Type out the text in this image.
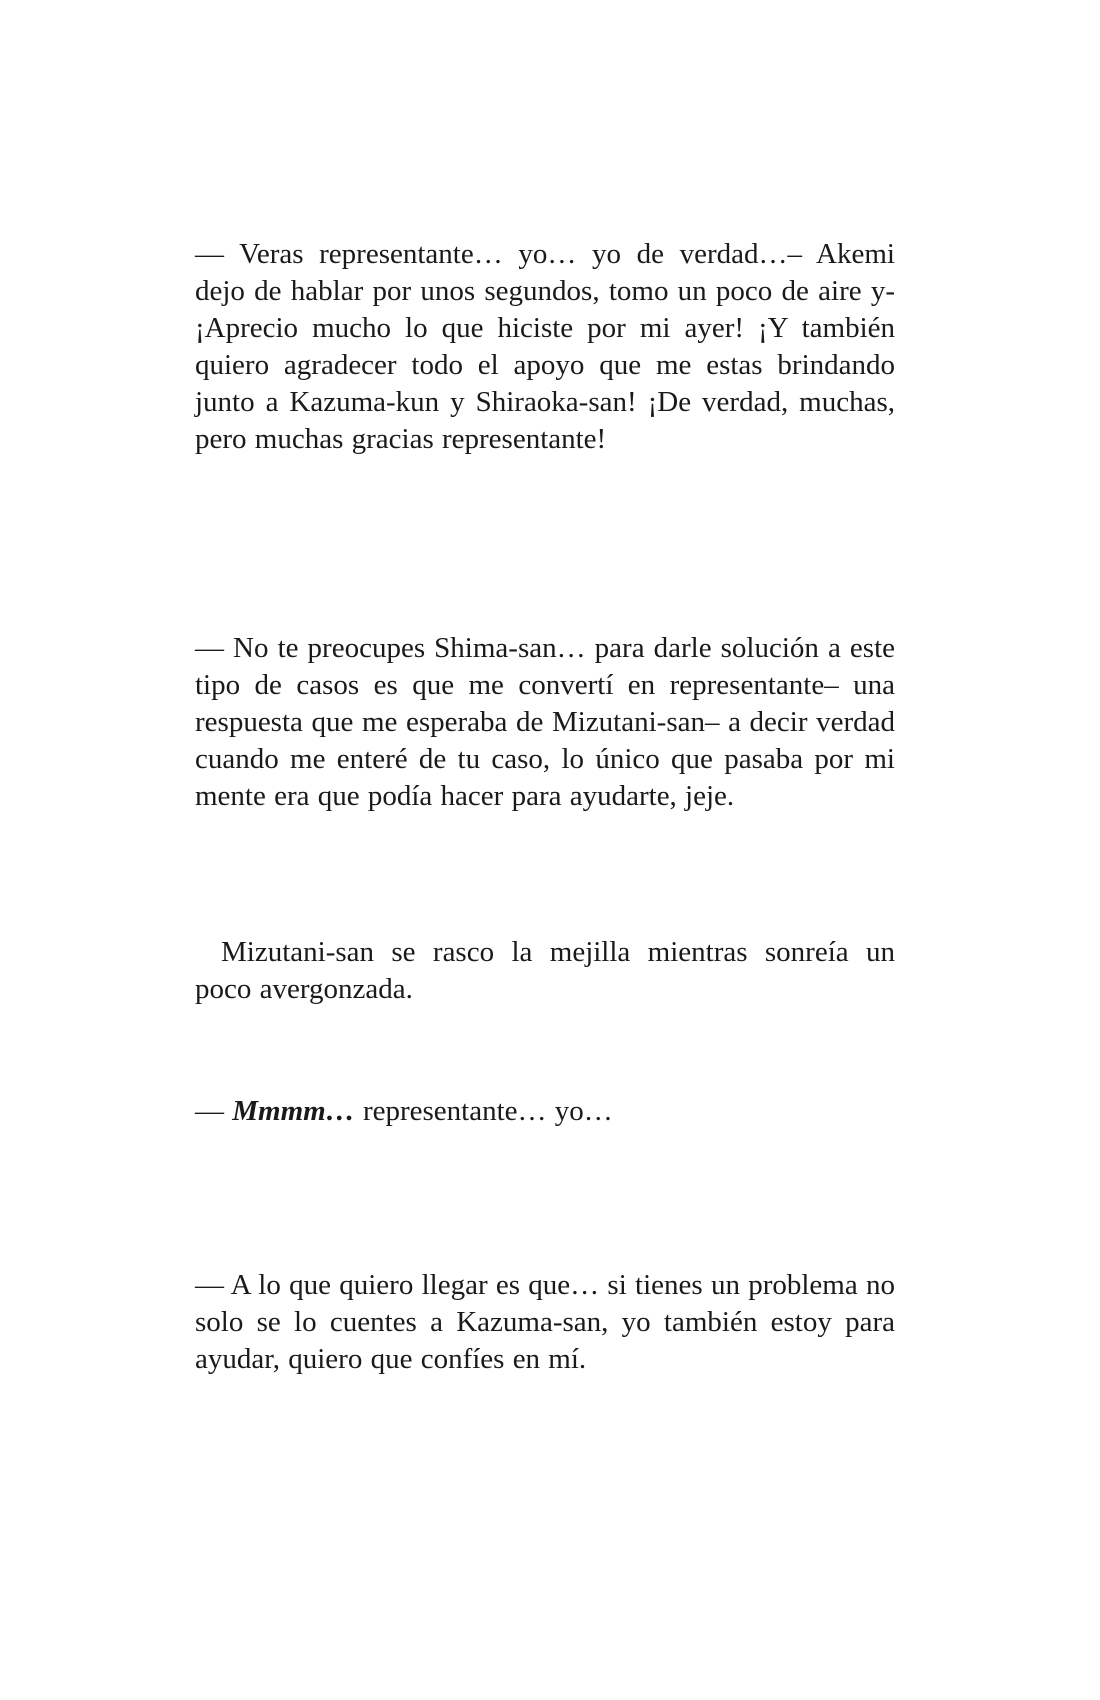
— Veras representante… yo… yo de verdad…– Akemi dejo de hablar por unos segundos, tomo un poco de aire y- ¡Aprecio mucho lo que hiciste por mi ayer! ¡Y también quiero agradecer todo el apoyo que me estas brindando junto a Kazuma-kun y Shiraoka-san! ¡De verdad, muchas, pero muchas gracias representante!

— No te preocupes Shima-san… para darle solución a este tipo de casos es que me convertí en representante– una respuesta que me esperaba de Mizutani-san– a decir verdad cuando me enteré de tu caso, lo único que pasaba por mi mente era que podía hacer para ayudarte, jeje.

Mizutani-san se rasco la mejilla mientras sonreía un poco avergonzada.

— Mmmm… representante… yo…

— A lo que quiero llegar es que… si tienes un problema no solo se lo cuentes a Kazuma-san, yo también estoy para ayudar, quiero que confíes en mí.
